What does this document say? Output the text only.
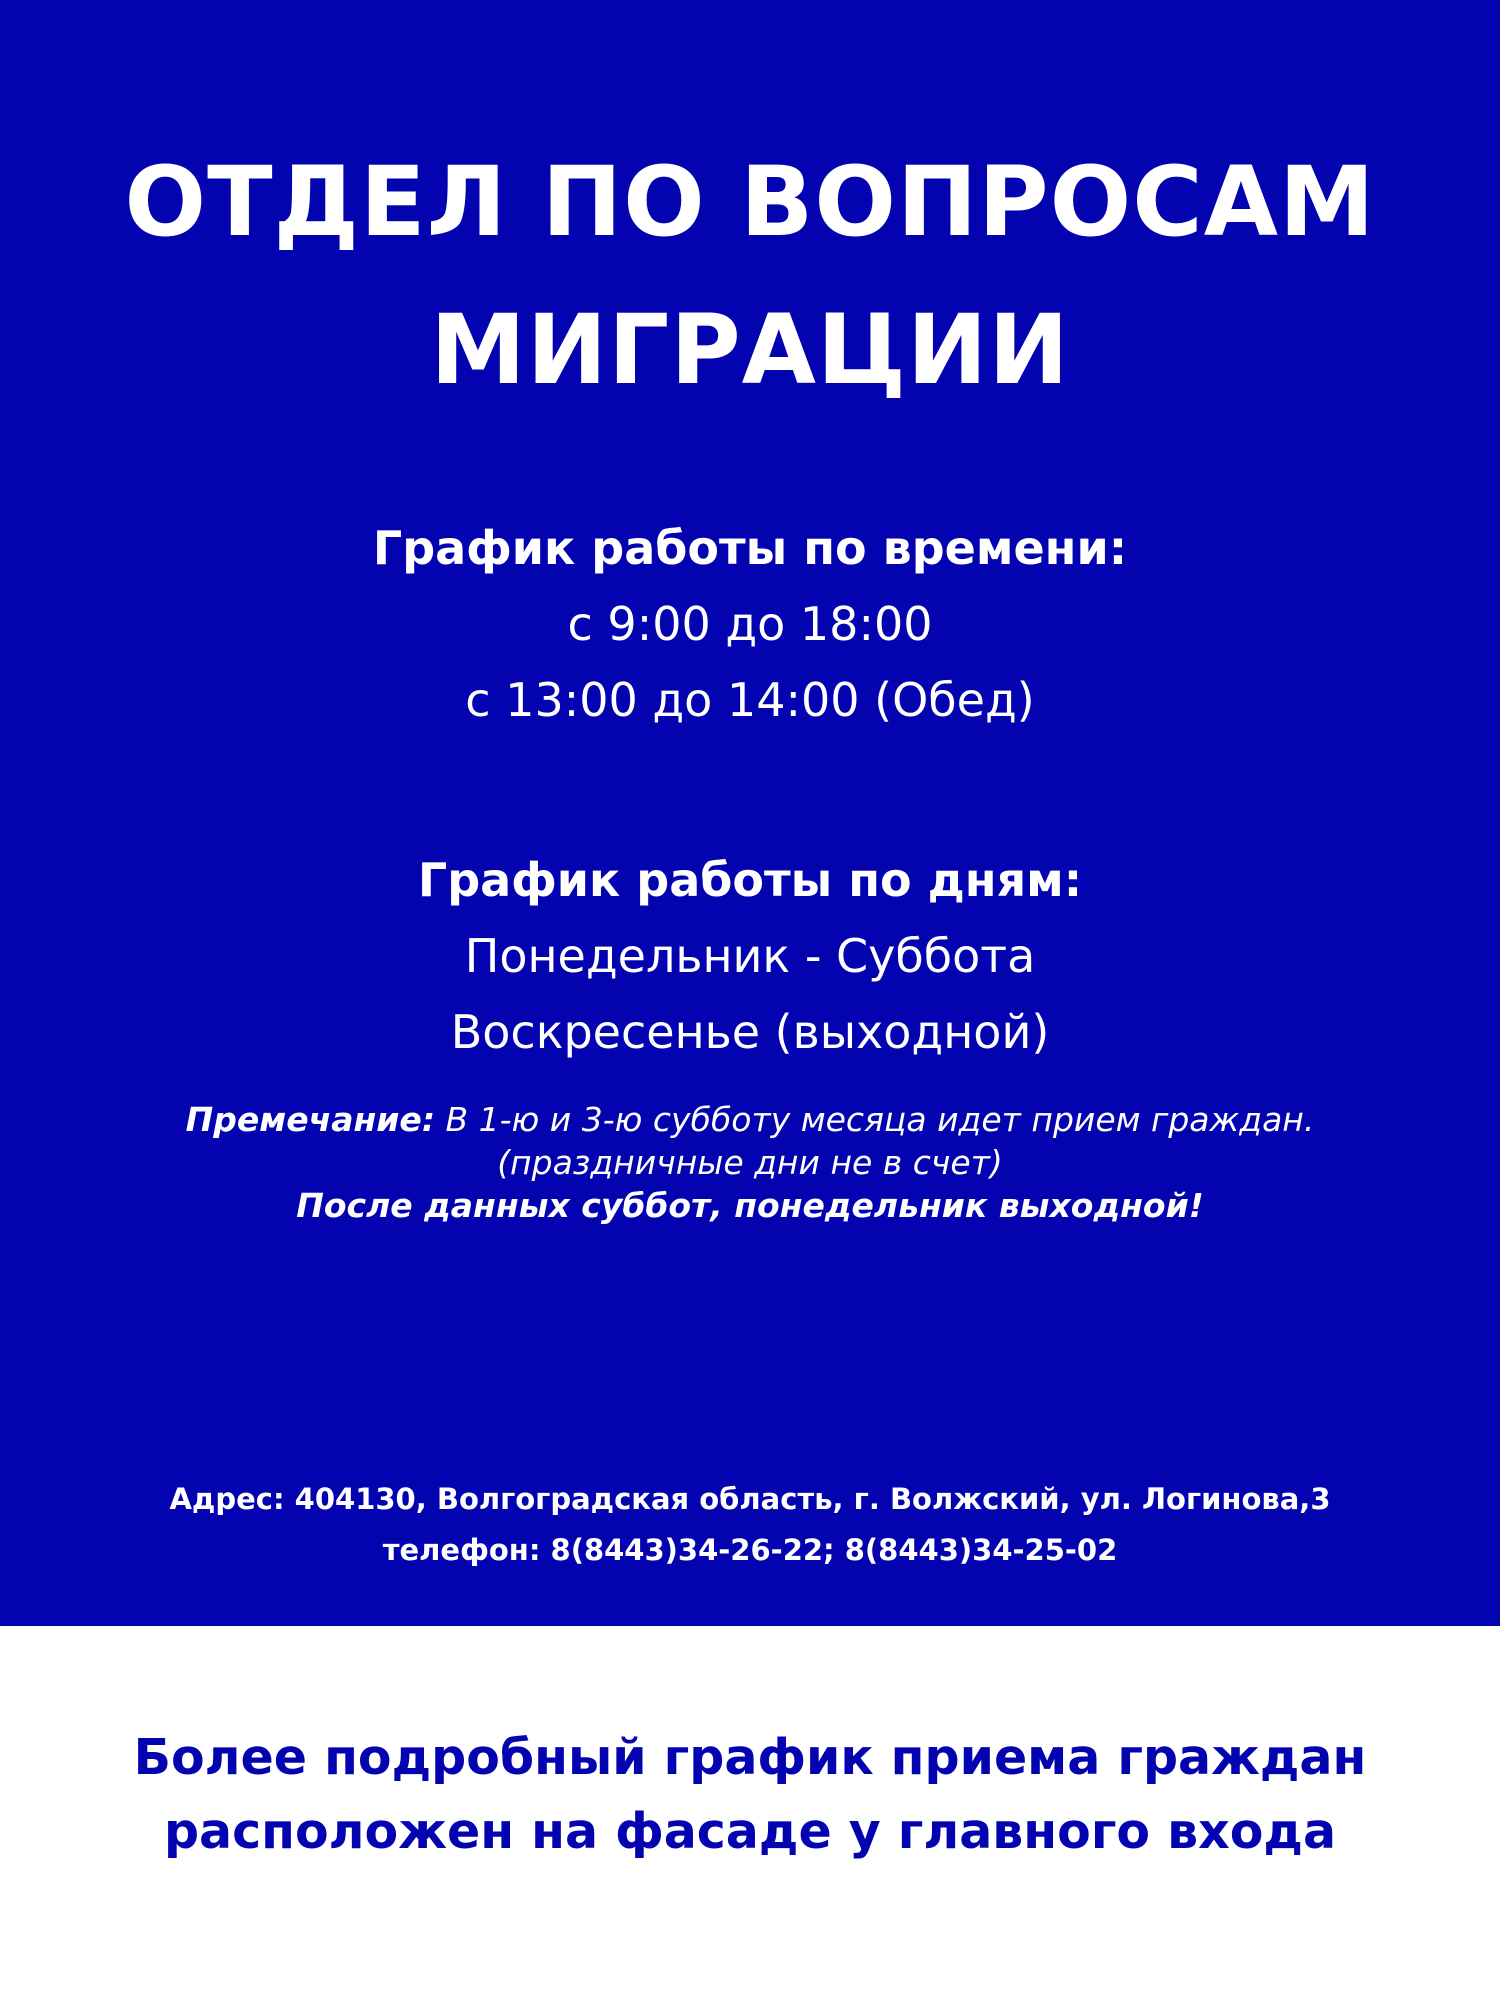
ОТДЕЛ ПО ВОПРОСАМ
МИГРАЦИИ
График работы по времени:
с 9:00 до 18:00
с 13:00 до 14:00 (Обед)
График работы по дням:
Понедельник - Суббота
Воскресенье (выходной)
Премечание: В 1-ю и 3-ю субботу месяца идет прием граждан.
(праздничные дни не в счет)
После данных суббот, понедельник выходной!
Адрес: 404130, Волгоградская область, г. Волжский, ул. Логинова,3
телефон: 8(8443)34-26-22; 8(8443)34-25-02
Более подробный график приема граждан
расположен на фасаде у главного входа
